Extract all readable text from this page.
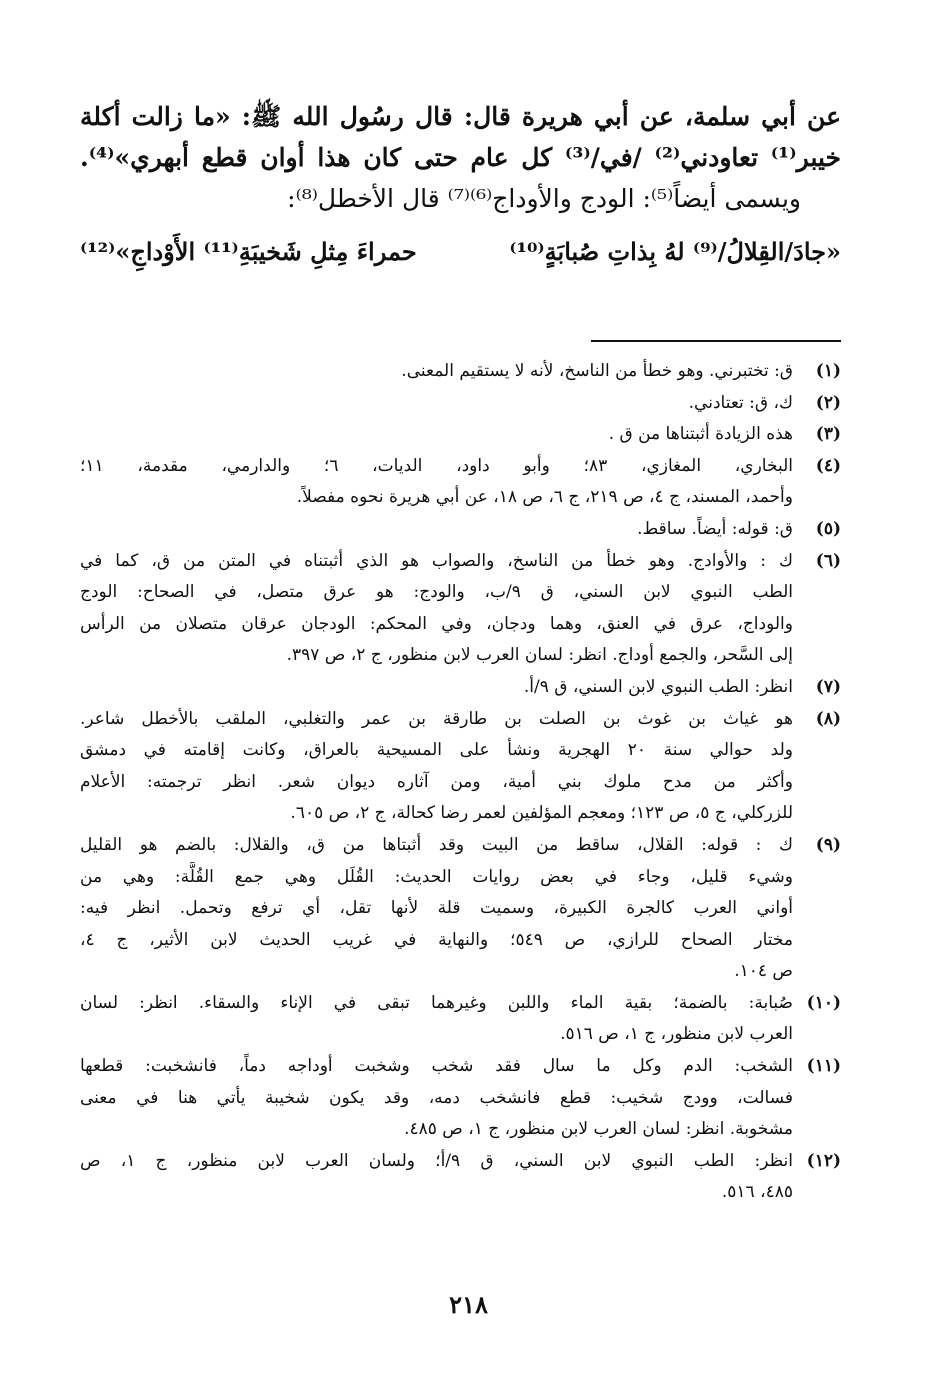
عن أبي سلمة، عن أبي هريرة قال: قال رسُول الله ﷺ: «ما زالت أكلة
خيبر⁽¹⁾ تعاودني⁽²⁾ /في/⁽³⁾ كل عام حتى كان هذا أوان قطع أبهري»⁽⁴⁾.
ويسمى أيضاً⁽⁵⁾: الودج والأوداج⁽⁶⁾⁽⁷⁾ قال الأخطل⁽⁸⁾:
«جادَ/القِلالُ/⁽⁹⁾ لهُ بِذاتِ صُبابَةٍ⁽¹⁰⁾
حمراءَ مِثلِ شَخيبَةِ⁽¹¹⁾ الأَوْداجِ»⁽¹²⁾
(١)
ق: تختبرني. وهو خطأ من الناسخ، لأنه لا يستقيم المعنى.
(٢)
ك، ق: تعتادني.
(٣)
هذه الزيادة أثبتناها من ق .
(٤)
البخاري، المغازي، ٨٣؛ وأبو داود، الديات، ٦؛ والدارمي، مقدمة، ١١؛
وأحمد، المسند، ج ٤، ص ٢١٩، ج ٦، ص ١٨، عن أبي هريرة نحوه مفصلاً.
(٥)
ق: قوله: أيضاً. ساقط.
(٦)
ك : والأوادج. وهو خطأ من الناسخ، والصواب هو الذي أثبتناه في المتن من ق، كما في
الطب النبوي لابن السني، ق ٩/ب، والودج: هو عرق متصل، في الصحاح: الودج
والوداج، عرق في العنق، وهما ودجان، وفي المحكم: الودجان عرقان متصلان من الرأس
إلى السَّحر، والجمع أوداج. انظر: لسان العرب لابن منظور، ج ٢، ص ٣٩٧.
(٧)
انظر: الطب النبوي لابن السني، ق ٩/أ.
(٨)
هو غياث بن غوث بن الصلت بن طارقة بن عمر والتغلبي، الملقب بالأخطل شاعر.
ولد حوالي سنة ٢٠ الهجرية ونشأ على المسيحية بالعراق، وكانت إقامته في دمشق
وأكثر من مدح ملوك بني أمية، ومن آثاره ديوان شعر. انظر ترجمته: الأعلام
للزركلي، ج ٥، ص ١٢٣؛ ومعجم المؤلفين لعمر رضا كحالة، ج ٢، ص ٦٠٥.
(٩)
ك : قوله: القلال، ساقط من البيت وقد أثبتاها من ق، والقلال: بالضم هو القليل
وشيء قليل، وجاء في بعض روايات الحديث: القُلَل وهي جمع القُلَّة: وهي من
أواني العرب كالجرة الكبيرة، وسميت قلة لأنها تقل، أي ترفع وتحمل. انظر فيه:
مختار الصحاح للرازي، ص ٥٤٩؛ والنهاية في غريب الحديث لابن الأثير، ج ٤،
ص ١٠٤.
(١٠)
صُبابة: بالضمة؛ بقية الماء واللبن وغيرهما تبقى في الإناء والسقاء. انظر: لسان
العرب لابن منظور، ج ١، ص ٥١٦.
(١١)
الشخب: الدم وكل ما سال فقد شخب وشخبت أوداجه دماً، فانشخبت: قطعها
فسالت، وودج شخيب: قطع فانشخب دمه، وقد يكون شخيبة يأتي هنا في معنى
مشخوبة. انظر: لسان العرب لابن منظور، ج ١، ص ٤٨٥.
(١٢)
انظر: الطب النبوي لابن السني، ق ٩/أ؛ ولسان العرب لابن منظور، ج ١، ص
٤٨٥، ٥١٦.
٢١٨
